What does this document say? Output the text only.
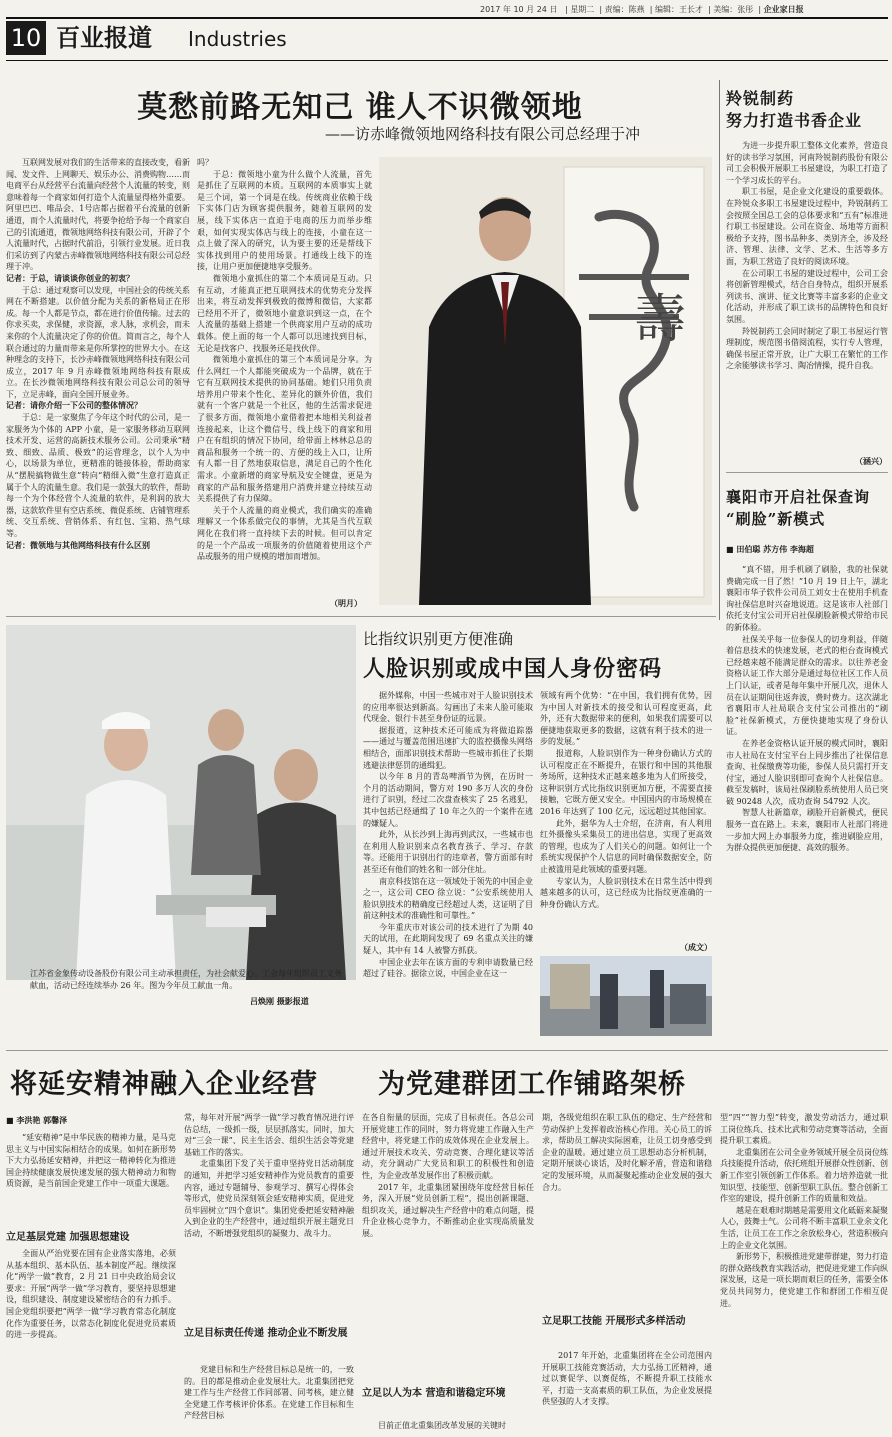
2017 年 10 月 24 日   | 星期二  | 责编：陈燕  | 编辑：王长才  | 美编：张彤  | 企业家日报
10 百业报道 Industries
莫愁前路无知己 谁人不识微领地
——访赤峰微领地网络科技有限公司总经理于冲

互联网发展对我们的生活带来的直接改变，看新闻、发文件、上网聊天、娱乐办公、消费购物……而电商平台从经营平台流量向经营个人流量的转变，则意味着每一个商家如何打造个人流量显得格外重要。阿里巴巴、唯品会、1号店都占据着平台流量的创新通道，而个人流量时代，将要争抢给予每一个商家自己的引流通道，微领地网络科技有限公司，开辟了个人流量时代，占据时代前沿，引领行业发展。近日我们采访到了内蒙古赤峰微领地网络科技有限公司总经理于冲。

记者：于总，请谈谈你创业的初衷？

于总：通过观察可以发现，中国社会的传统关系网在不断搭建。以价值分配为关系的新格局正在形成。每一个人都是节点，都在进行价值传输。过去的你求买卖，求保健，求资源，求人脉，求机会，而未来你的个人流量决定了你的价值。简而言之，每个人联合通过的力量而带来是你所掌控的世界大小。在这种理念的支持下，长沙赤峰微领地网络科技有限公司成立，2017 年 9 月赤峰微领地网络科技有限成立。在长沙微领地网络科技有限公司总公司的领导下，立足赤峰，面向全国开展业务。

记者：请你介绍一下公司的整体情况？

于总：是一家聚焦了今年这个时代的公司，是一家服务为个体的 APP 小童，是一家服务移动互联网技术开发、运营的高新技术服务公司。公司秉承“精致、细致、品质、极致”的运营理念，以个人为中心，以场景为单位，更精准的链接体验，帮助商家从“摆脱搞物做生意”转向“精细入微”生意打造真正属于个人的流量生意。我们是一款强大的软件，帮助每一个为个体经营个人流量的软件，是利润的放大器，这款软件里有空店系统、微促系统、店铺管理系统、交互系统、营销体系、有红包、宝箱、热气球等。

记者：微领地与其他网络科技有什么区别

吗？

于总：微领地小童为什么做个人流量，首先是抓住了互联网的本质。互联网的本质事实上就是三个词，第一个词是在线。传统商业依赖于线下实体门店为顾客提供服务，随着互联网的发展，线下实体店一直迫于电商的压力而举步维艰，如何实现实体店与线上的连接，小童在这一点上做了深入的研究，认为要主要的还是帮线下实体找到用户的使用场景。打通线上线下的连接，让用户更加便捷地享受服务。

微领地小童抓住的第二个本质词是互动。只有互动，才能真正把互联网技术的优势充分发挥出来，将互动发挥到极致的微博和微信，大家都已经用不开了，微领地小童意识到这一点，在个人流量的基础上搭建一个供商家用户互动的成功载体。使上面的每一个人都可以迅速找到目标，无论是找客户、找服务还是找伙伴。

微领地小童抓住的第三个本质词是分享。为什么网红一个人都能突破成为一个品牌，就在于它有互联网技术提供的协同基础。她们只用负责培养用户带来个性化、差异化的额外价值，我们就有一个客户就是一个社区，他的生活需求促进了很多方面，微领地小童借着把本地相关利益者连接起来，让这个微信号、线上线下的商家和用户在有组织的情况下协同，给带面上林林总总的商品和服务一个统一的、方便的线上入口，让所有人都一目了然地获取信息，满足自己的个性化需求。小童新增的商家导航及安全键盘，更是为商家的产品和服务搭建用户消费并建立持续互动关系提供了有力保障。

关于个人流量的商业模式，我们确实的准确理解又一个体系做完仪的事情，尤其是当代互联网化在我们将一直持续下去的时候。但可以肯定的是一个产品或一项服务的价值随着使用这个产品或服务的用户规模的增加而增加。

（明月）
壽
羚锐制药
努力打造书香企业

为进一步提升职工整体文化素养，营造良好的读书学习氛围，河南羚锐制药股份有限公司工会积极开展职工书屋建设，为职工打造了一个学习成长的平台。

职工书屋，是企业文化建设的重要载体。在羚锐众多职工书屋建设过程中，羚锐制药工会按照全国总工会的总体要求和“五有”标准进行职工书屋建设。公司在资金、场地等方面积极给予支持，图书品种多、类别齐全，涉及经济、管理、法律、文学、艺术、生活等多方面，为职工营造了良好的阅读环境。

在公司职工书屋的建设过程中，公司工会将创新管理模式，结合自身特点，组织开展系列读书、演讲、征文比赛等丰富多彩的企业文化活动，并形成了职工读书的品牌特色和良好氛围。

羚锐制药工会同时制定了职工书屋运行管理制度，规范图书借阅流程，实行专人管理，确保书屋正常开放，让广大职工在繁忙的工作之余能够读书学习、陶冶情操，提升自我。

（涵兴）
襄阳市开启社保查询
“刷脸”新模式
■ 田伯聪 苏方伟 李海超

“真不错，用手机刷了刷脸，我的社保就费确完成一目了然！”10 月 19 日上午，湖北襄阳市华子软件公司员工刘女士在使用手机查询社保信息时兴奋地说道。这是该市人社部门依托支付宝公司开启社保刷脸新模式带给市民的新体验。

社保关乎每一位参保人的切身利益，伴随着信息技术的快速发展，老式的柜台查询模式已经越来越不能满足群众的需求。以往养老金资格认证工作大部分是通过每位社区工作人员上门认证，或者是每年集中开展几次，退休人员在认证期间往返奔波，费时费力。这次湖北省襄阳市人社局联合支付宝公司推出的“刷脸”社保新模式，方便快捷地实现了身份认证。

在养老金资格认证开展的模式同时，襄阳市人社局在支付宝平台上同步推出了社保信息查询、社保缴费等功能，参保人员只需打开支付宝，通过人脸识别即可查询个人社保信息。截至发稿时，该局社保刷脸系统使用人员已突破 90248 人次，成功查询 54792 人次。

智慧人社新篇章，刷脸开启新模式，便民服务一直在路上。未来，襄阳市人社部门将进一步加大网上办事服务力度，推进刷脸应用，为群众提供更加便捷、高效的服务。

江苏省金象传动设备股份有限公司主动承担责任，为社会献爱心。工会每年组织员工义务献血，活动已经连续举办 26 年。图为今年员工献血一角。
吕焕刚 摄影报道
比指纹识别更方便准确
人脸识别或成中国人身份密码

据外媒称，中国一些城市对于人脸识别技术的应用率很达到新高。勾画出了未来人脸可能取代现金、银行卡甚至身份证的远景。

据报道，这种技术还可能成为将做追踪器——通过与覆盖范围迅速扩大的监控摄像头网络相结合，面部识别技术帮助一些城市抓住了长期逃避法律惩罚的通缉犯。

以今年 8 月的青岛啤酒节为例，在历时一个月的活动期间，警方对 190 多万人次的身份进行了识别，经过二次盘查核实了 25 名逃犯，其中包括已经通缉了 10 年之久的一个案件在逃的嫌疑人。

此外，从长沙到上海再到武汉，一些城市也在利用人脸识别来点名教育孩子、学习、存款等。还能用于识别出行的违章者，警方面部有时甚至还有他们的姓名和一部分住址。

南京科技馆在这一领域处于领先的中国企业之一，这公司 CEO 徐立说：“公安系统使用人脸识别技术的精确度已经超过人类，这证明了目前这种技术的准确性和可靠性。”

今年重庆市对该公司的技术进行了为期 40 天的试用，在此期间发现了 69 名重点关注的嫌疑人，其中有 14 人被警方抓获。

中国企业去年在该方面的专利申请数量已经超过了硅谷。据徐立说，中国企业在这一

领域有两个优势：“在中国，我们拥有优势，因为中国人对新技术的接受和认可程度更高，此外，还有大数据带来的便利，如果我们需要可以便捷地获取更多的数据，这就有利于技术的进一步的发展。”

报道称，人脸识别作为一种身份确认方式的认可程度正在不断提升，在银行和中国的其他服务场所，这种技术正越来越多地为人们所接受，这种识别方式比指纹识别更加方便，不需要直接接触，它既方便又安全。中国国内的市场规模在 2016 年达到了 100 亿元，远远超过其他国家。

此外，据华为人士介绍，在济南，有人利用红外摄像头采集员工的进出信息，实现了更高效的管理，也成为了人们关心的问题。如何让一个系统实现保护个人信息的同时确保数据安全，防止被滥用是此领域的重要问题。

专家认为，人脸识别技术在日常生活中得到越来越多的认可，这已经成为比指纹更准确的一种身份确认方式。

（成文）
将延安精神融入企业经营 为党建群团工作铺路架桥
■ 李洪艳 郭馨泽

“延安精神”是中华民族的精神力量，是马克思主义与中国实际相结合的成果。如何在新形势下大力弘扬延安精神，并把这一精神转化为推进国企持续健康发展快速发展的强大精神动力和物质资源，是当前国企党建工作中一项重大课题。

立足基层党建 加强思想建设

全面从严治党要在国有企业落实落地，必须从基本组织、基本队伍、基本制度严起。继续深化“两学一做”教育，2 月 21 日中央政治局会议要求：开展“两学一做”学习教育，要坚持思想建设，组织建设、制度建设紧密结合的有力抓手。国企党组织要把“两学一做”学习教育常态化制度化作为重要任务，以常态化制度化促进党员素质的进一步提高。

常，每年对开展“两学一做”学习教育情况进行评估总结，一级抓一级，层层抓落实。同时，加大对“三会一课”、民主生活会、组织生活会等党建基础工作的落实。

北重集团下发了关于重申坚持党日活动制度的通知，并把学习延安精神作为党员教育的重要内容，通过专题辅导、参观学习、撰写心得体会等形式，使党员深刻领会延安精神实质，促进党员牢固树立“四个意识”。集团党委把延安精神融入到企业的生产经营中，通过组织开展主题党日活动，不断增强党组织的凝聚力、战斗力。

立足目标责任传递 推动企业不断发展

党建目标和生产经营目标总是统一的，一致的。目的都是推动企业发展壮大。北重集团把党建工作与生产经营工作同部署、同考核，建立健全党建工作考核评价体系。在党建工作目标和生产经营目标

在各自衔量的层面，完成了目标责任。各总公司开展党建工作的同时，努力将党建工作融入生产经营中，将党建工作的成效体现在企业发展上。通过开展技术攻关、劳动竞赛、合理化建议等活动，充分调动广大党员和职工的积极性和创造性，为企业改革发展作出了积极贡献。

2017 年，北重集团紧围绕年度经营目标任务，深入开展“党员创新工程”，提出创新课题、组织攻关，通过解决生产经营中的难点问题，提升企业核心竞争力，不断推动企业实现高质量发展。

立足以人为本 营造和谐稳定环境

目前正值北重集团改革发展的关键时

期，各级党组织在职工队伍的稳定、生产经营和劳动保护上发挥着政治核心作用。关心员工的诉求，帮助员工解决实际困难，让员工切身感受到企业的温暖。通过建立员工思想动态分析机制，定期开展谈心谈话，及时化解矛盾，营造和谐稳定的发展环境，从而凝聚起推动企业发展的强大合力。

立足职工技能 开展形式多样活动

2017 年开始，北重集团将在全公司范围内开展职工技能竞赛活动，大力弘扬工匠精神，通过以赛促学、以赛促练，不断提升职工技能水平，打造一支高素质的职工队伍，为企业发展提供坚强的人才支撑。

型“四”“智力型”转变，激发劳动活力，通过职工岗位练兵、技术比武和劳动竞赛等活动，全面提升职工素质。

北重集团在公司全业务领域开展全员岗位练兵技能提升活动，依托班组开展群众性创新、创新工作室引领创新工作体系。着力培养造就一批知识型、技能型、创新型职工队伍。整合创新工作室的建设，提升创新工作的质量和效益。

越是在艰难时期越是需要用文化砥砺来凝聚人心，鼓舞士气。公司将不断丰富职工业余文化生活，让员工在工作之余放松身心，营造积极向上的企业文化氛围。

新形势下，积极推进党建带群建，努力打造的群众路线教育实践活动，把促进党建工作向纵深发展，这是一项长期而艰巨的任务，需要全体党员共同努力，使党建工作和群团工作相互促进。
